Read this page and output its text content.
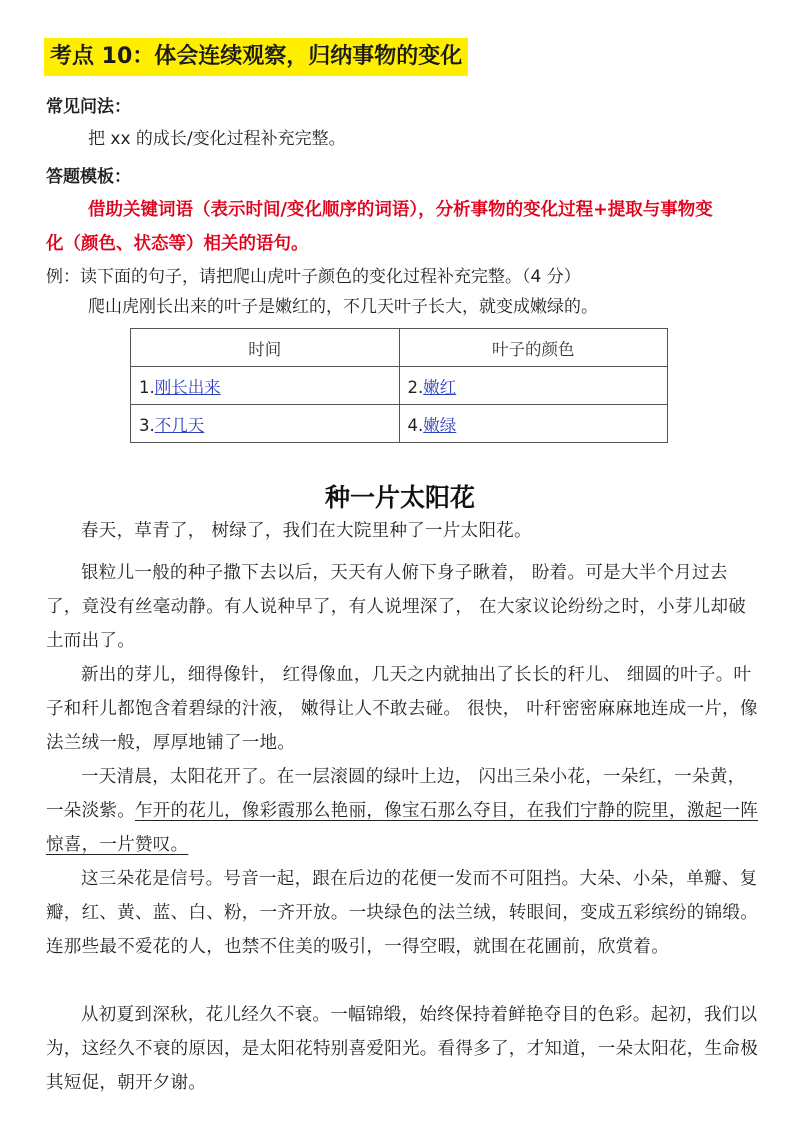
考点 10：体会连续观察，归纳事物的变化
常见问法：
把 xx 的成长/变化过程补充完整。
答题模板：
借助关键词语（表示时间/变化顺序的词语），分析事物的变化过程+提取与事物变
化（颜色、状态等）相关的语句。
例：读下面的句子，请把爬山虎叶子颜色的变化过程补充完整。（4 分）
爬山虎刚长出来的叶子是嫩红的，不几天叶子长大，就变成嫩绿的。
时间	叶子的颜色
1.刚长出来	2.嫩红
3.不几天	4.嫩绿
种一片太阳花
春天，草青了， 树绿了，我们在大院里种了一片太阳花。
银粒儿一般的种子撒下去以后，天天有人俯下身子瞅着， 盼着。可是大半个月过去了，竟没有丝毫动静。有人说种早了，有人说埋深了， 在大家议论纷纷之时，小芽儿却破土而出了。
新出的芽儿，细得像针， 红得像血，几天之内就抽出了长长的秆儿、 细圆的叶子。叶子和秆儿都饱含着碧绿的汁液， 嫩得让人不敢去碰。 很快， 叶秆密密麻麻地连成一片，像法兰绒一般，厚厚地铺了一地。
一天清晨，太阳花开了。在一层滚圆的绿叶上边， 闪出三朵小花，一朵红，一朵黄，一朵淡紫。乍开的花儿，像彩霞那么艳丽，像宝石那么夺目，在我们宁静的院里，激起一阵惊喜，一片赞叹。
这三朵花是信号。号音一起，跟在后边的花便一发而不可阻挡。大朵、小朵，单瓣、复瓣，红、黄、蓝、白、粉，一齐开放。一块绿色的法兰绒，转眼间，变成五彩缤纷的锦缎。连那些最不爱花的人，也禁不住美的吸引，一得空暇，就围在花圃前，欣赏着。
从初夏到深秋，花儿经久不衰。一幅锦缎，始终保持着鲜艳夺目的色彩。起初，我们以为，这经久不衰的原因，是太阳花特别喜爱阳光。看得多了，才知道，一朵太阳花，生命极其短促，朝开夕谢。
